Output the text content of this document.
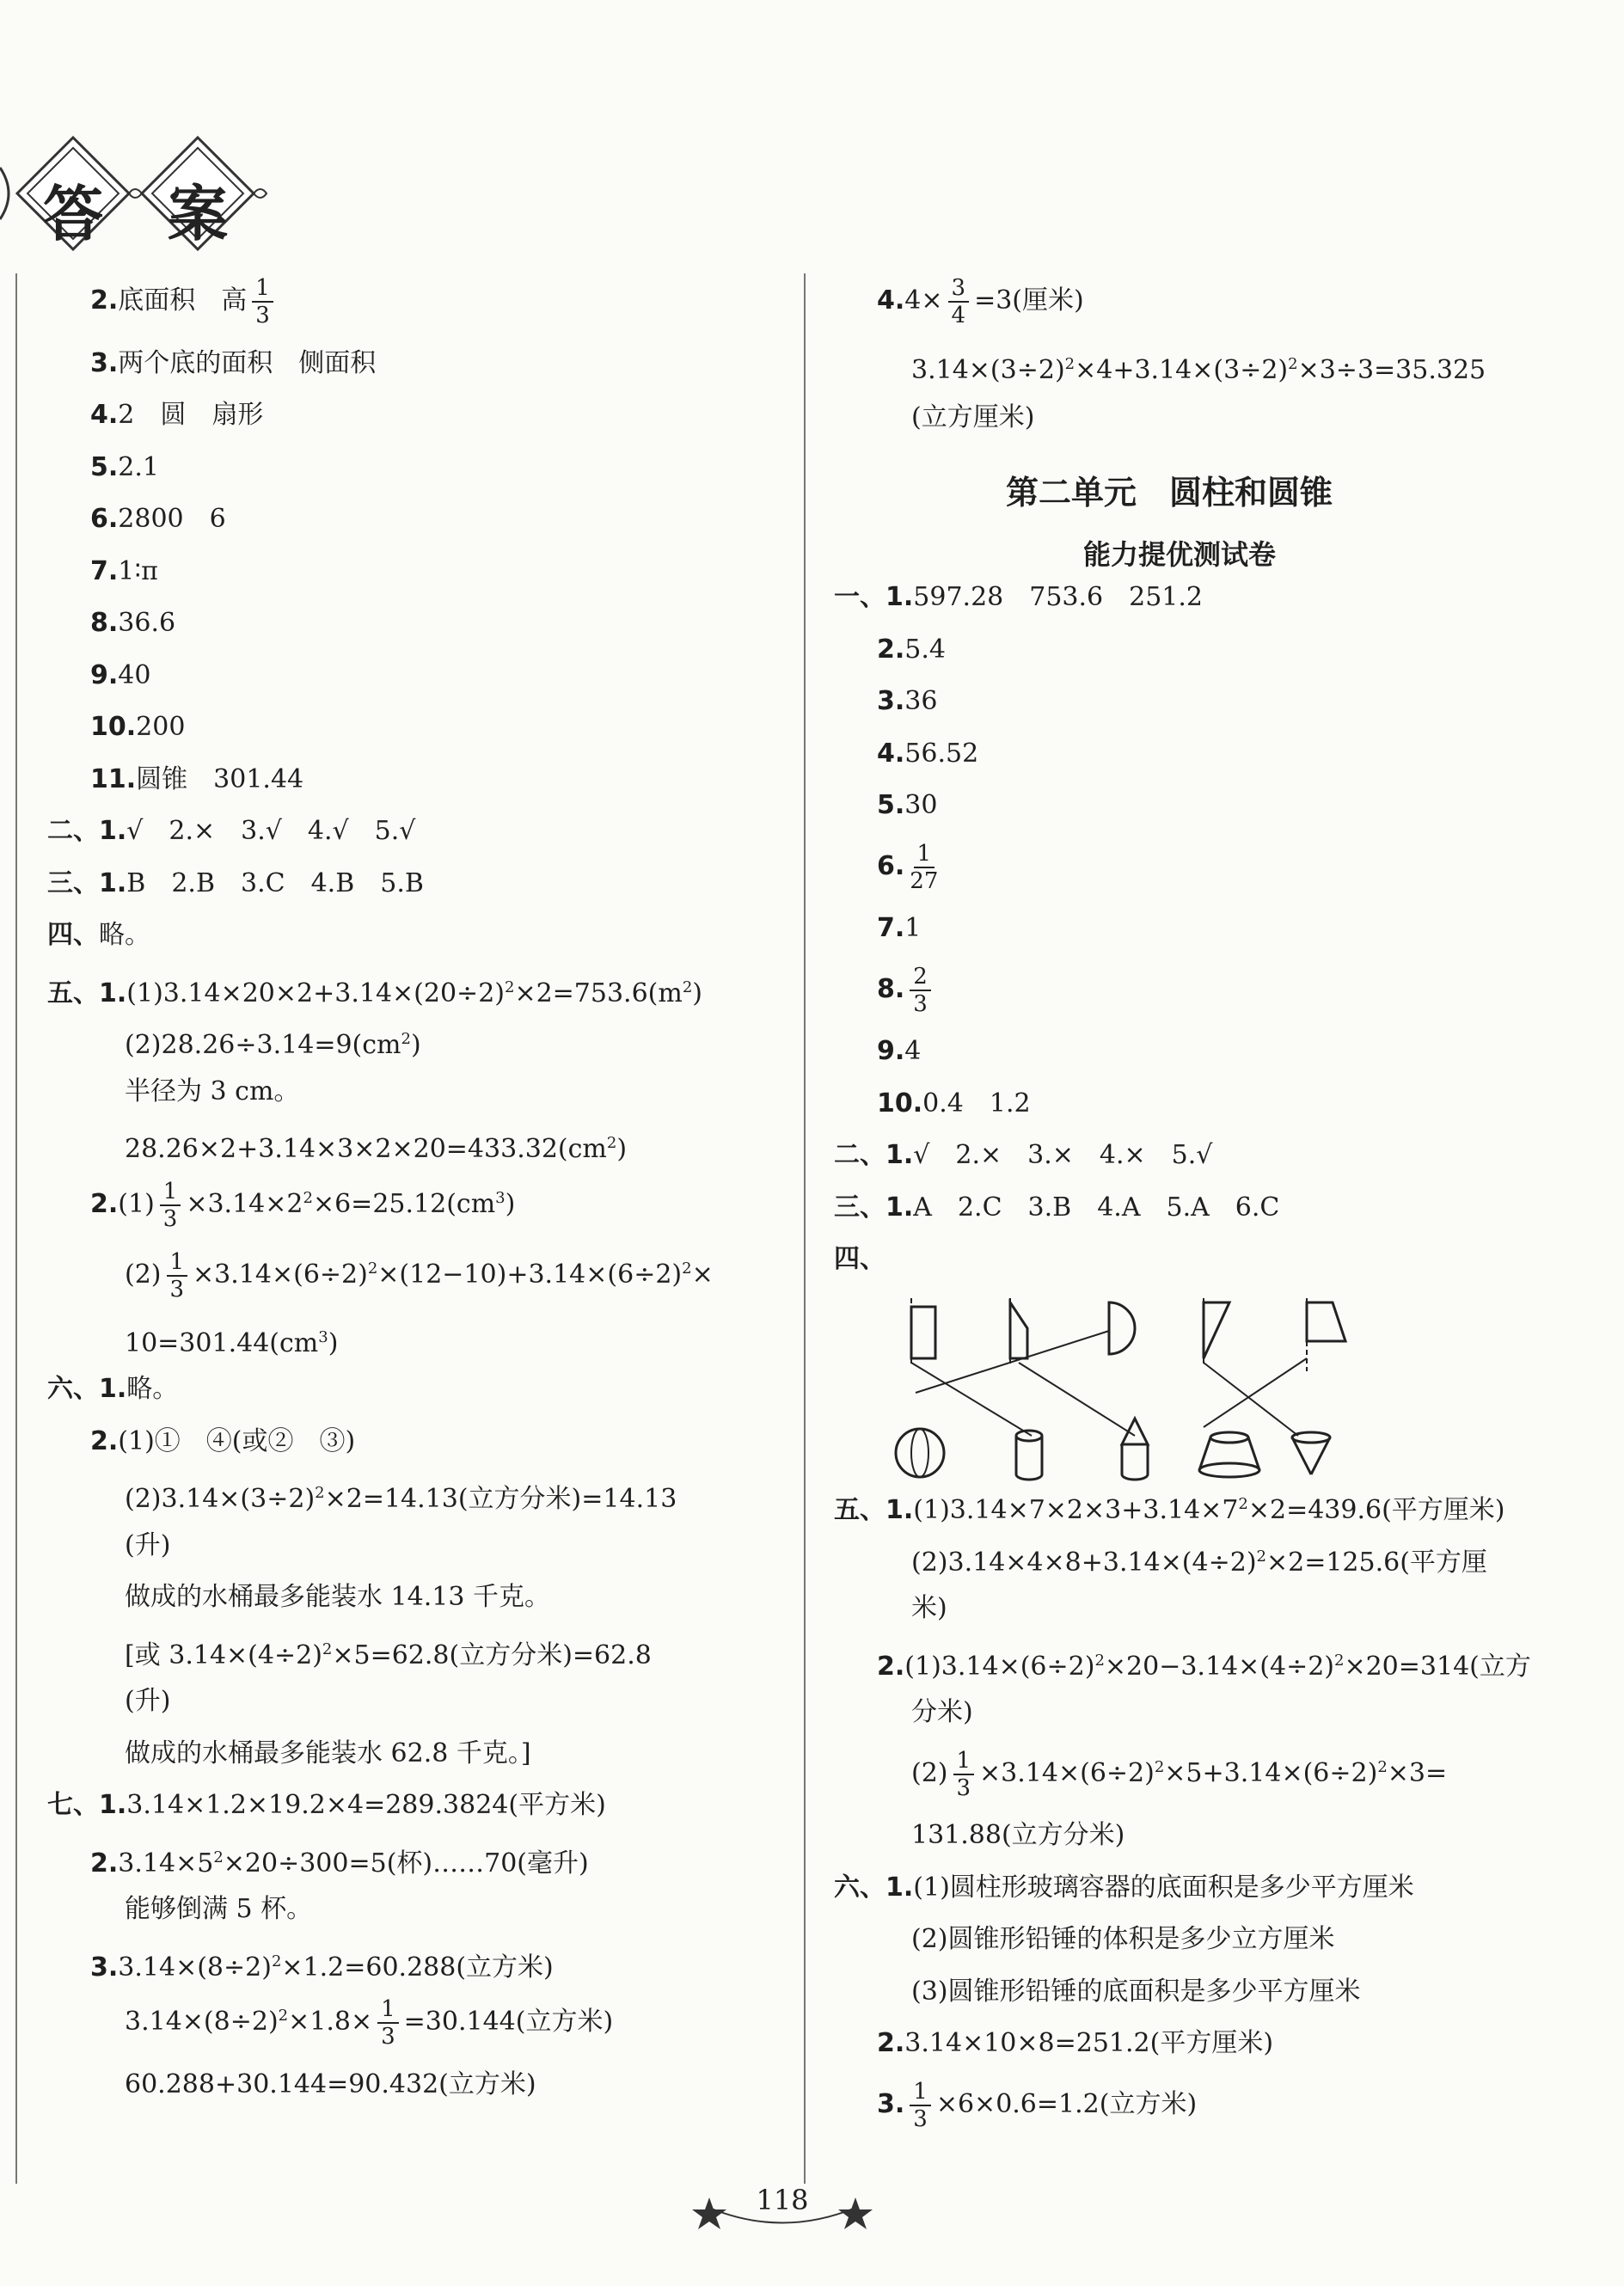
答 案
2.底面积　高 $\frac{1}{3}$
3.两个底的面积　侧面积
4.2　圆　扇形
5.2.1
6.2800　6
7.1∶π
8.36.6
9.40
10.200
11.圆锥　301.44
二、1.√　2.×　3.√　4.√　5.√
三、1.B　2.B　3.C　4.B　5.B
四、略。
五、$1.(1)3.14\times 20\times 2+3.14\times(20\div 2)^2\times 2=753.6(m^2)$
$(2)28.26\div 3.14=9(cm^2)$
半径为 3 cm。
$28.26\times 2+3.14\times 3\times 2\times 20=433.32(cm^2)$
$2.(1) \frac{1}{3} \times 3.14\times 2^2\times 6=25.12(cm^3)$
$(2) \frac{1}{3} \times 3.14\times(6\div 2)^2\times(12-10)+3.14\times(6\div 2)^2\times$
$10=301.44(cm^3)$
六、1.略。
2.(1)①　④(或②　③)
$(2)3.14\times(3\div 2)^2\times 2=14.13$(立方分米)=14.13
(升)
做成的水桶最多能装水 14.13 千克。
[或 $3.14\times(4\div 2)^2\times 5=62.8$(立方分米)=62.8
(升)
做成的水桶最多能装水 62.8 千克。]
七、1.3.14×1.2×19.2×4=289.3824(平方米)
$2.3.14\times 5^2\times 20\div 300=5$(杯)……70(毫升)
能够倒满 5 杯。
$3.3.14\times(8\div 2)^2\times 1.2=60.288$(立方米)
$3.14\times(8\div 2)^2\times 1.8\times \frac{1}{3} =30.144$(立方米)
60.288+30.144=90.432(立方米)
$4.4\times \frac{3}{4} =3$(厘米)
$3.14\times(3\div 2)^2\times 4+3.14\times(3\div 2)^2\times 3\div 3=35.325$
(立方厘米)
第二单元　圆柱和圆锥
能力提优测试卷
一、1.597.28　753.6　251.2
2.5.4
3.36
4.56.52
5.30
6. $\frac{1}{27}$
7.1
8. $\frac{2}{3}$
9.4
10.0.4　1.2
二、1.√　2.×　3.×　4.×　5.√
三、1.A　2.C　3.B　4.A　5.A　6.C
四、
五、$1.(1)3.14\times 7\times 2\times 3+3.14\times 7^2\times 2=439.6$(平方厘米)
$(2)3.14\times 4\times 8+3.14\times(4\div 2)^2\times 2=125.6$(平方厘
米)
$2.(1)3.14\times(6\div 2)^2\times 20-3.14\times(4\div 2)^2\times 20=314$(立方
分米)
$(2) \frac{1}{3} \times 3.14\times(6\div 2)^2\times 5+3.14\times(6\div 2)^2\times 3=$
131.88(立方分米)
六、1.(1)圆柱形玻璃容器的底面积是多少平方厘米
(2)圆锥形铅锤的体积是多少立方厘米
(3)圆锥形铅锤的底面积是多少平方厘米
2.3.14×10×8=251.2(平方厘米)
3. $\frac{1}{3} \times 6\times 0.6=1.2$(立方米)
118
